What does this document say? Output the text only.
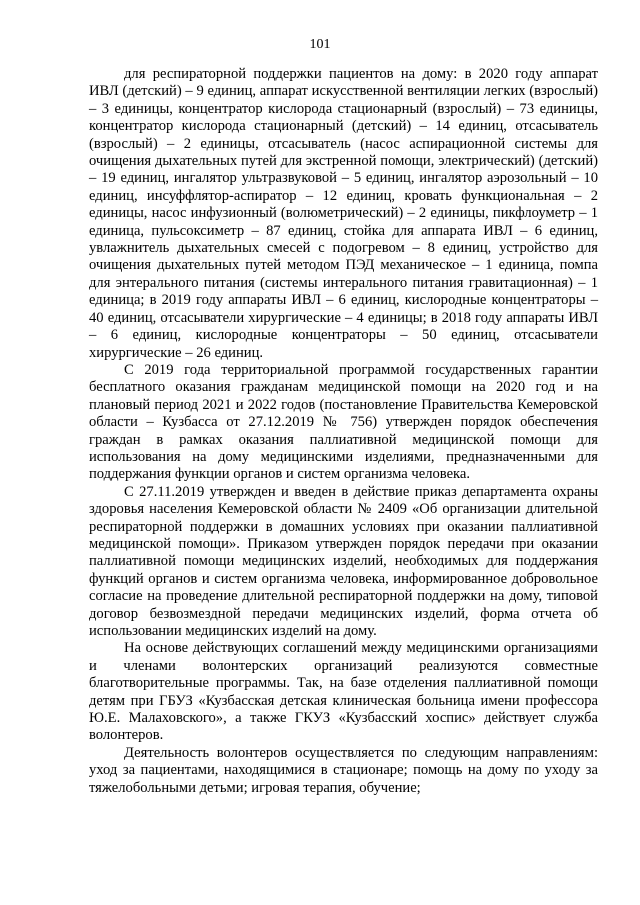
101

для респираторной поддержки пациентов на дому: в 2020 году аппарат ИВЛ (детский) – 9 единиц, аппарат искусственной вентиляции легких (взрослый) – 3 единицы, концентратор кислорода стационарный (взрослый) – 73 единицы, концентратор кислорода стационарный (детский) – 14 единиц, отсасыватель (взрослый) – 2 единицы, отсасыватель (насос аспирационной системы для очищения дыхательных путей для экстренной помощи, электрический) (детский) – 19 единиц, ингалятор ультразвуковой – 5 единиц, ингалятор аэрозольный – 10 единиц, инсуффлятор-аспиратор – 12 единиц, кровать функциональная – 2 единицы, насос инфузионный (волюметрический) – 2 единицы, пикфлоуметр – 1 единица, пульсоксиметр – 87 единиц, стойка для аппарата ИВЛ – 6 единиц, увлажнитель дыхательных смесей с подогревом – 8 единиц, устройство для очищения дыхательных путей методом ПЭД механическое – 1 единица, помпа для энтерального питания (системы интерального питания гравитационная) – 1 единица; в 2019 году аппараты ИВЛ – 6 единиц, кислородные концентраторы – 40 единиц, отсасыватели хирургические – 4 единицы; в 2018 году аппараты ИВЛ – 6 единиц, кислородные концентраторы – 50 единиц, отсасыватели хирургические – 26 единиц.

С 2019 года территориальной программой государственных гарантии бесплатного оказания гражданам медицинской помощи на 2020 год и на плановый период 2021 и 2022 годов (постановление Правительства Кемеровской области – Кузбасса от 27.12.2019 № 756) утвержден порядок обеспечения граждан в рамках оказания паллиативной медицинской помощи для использования на дому медицинскими изделиями, предназначенными для поддержания функции органов и систем организма человека.

С 27.11.2019 утвержден и введен в действие приказ департамента охраны здоровья населения Кемеровской области № 2409 «Об организации длительной респираторной поддержки в домашних условиях при оказании паллиативной медицинской помощи». Приказом утвержден порядок передачи при оказании паллиативной помощи медицинских изделий, необходимых для поддержания функций органов и систем организма человека, информированное добровольное согласие на проведение длительной респираторной поддержки на дому, типовой договор безвозмездной передачи медицинских изделий, форма отчета об использовании медицинских изделий на дому.

На основе действующих соглашений между медицинскими организациями и членами волонтерских организаций реализуются совместные благотворительные программы. Так, на базе отделения паллиативной помощи детям при ГБУЗ «Кузбасская детская клиническая больница имени профессора Ю.Е. Малаховского», а также ГКУЗ «Кузбасский хоспис» действует служба волонтеров.

Деятельность волонтеров осуществляется по следующим направлениям: уход за пациентами, находящимися в стационаре; помощь на дому по уходу за тяжелобольными детьми; игровая терапия, обучение;
